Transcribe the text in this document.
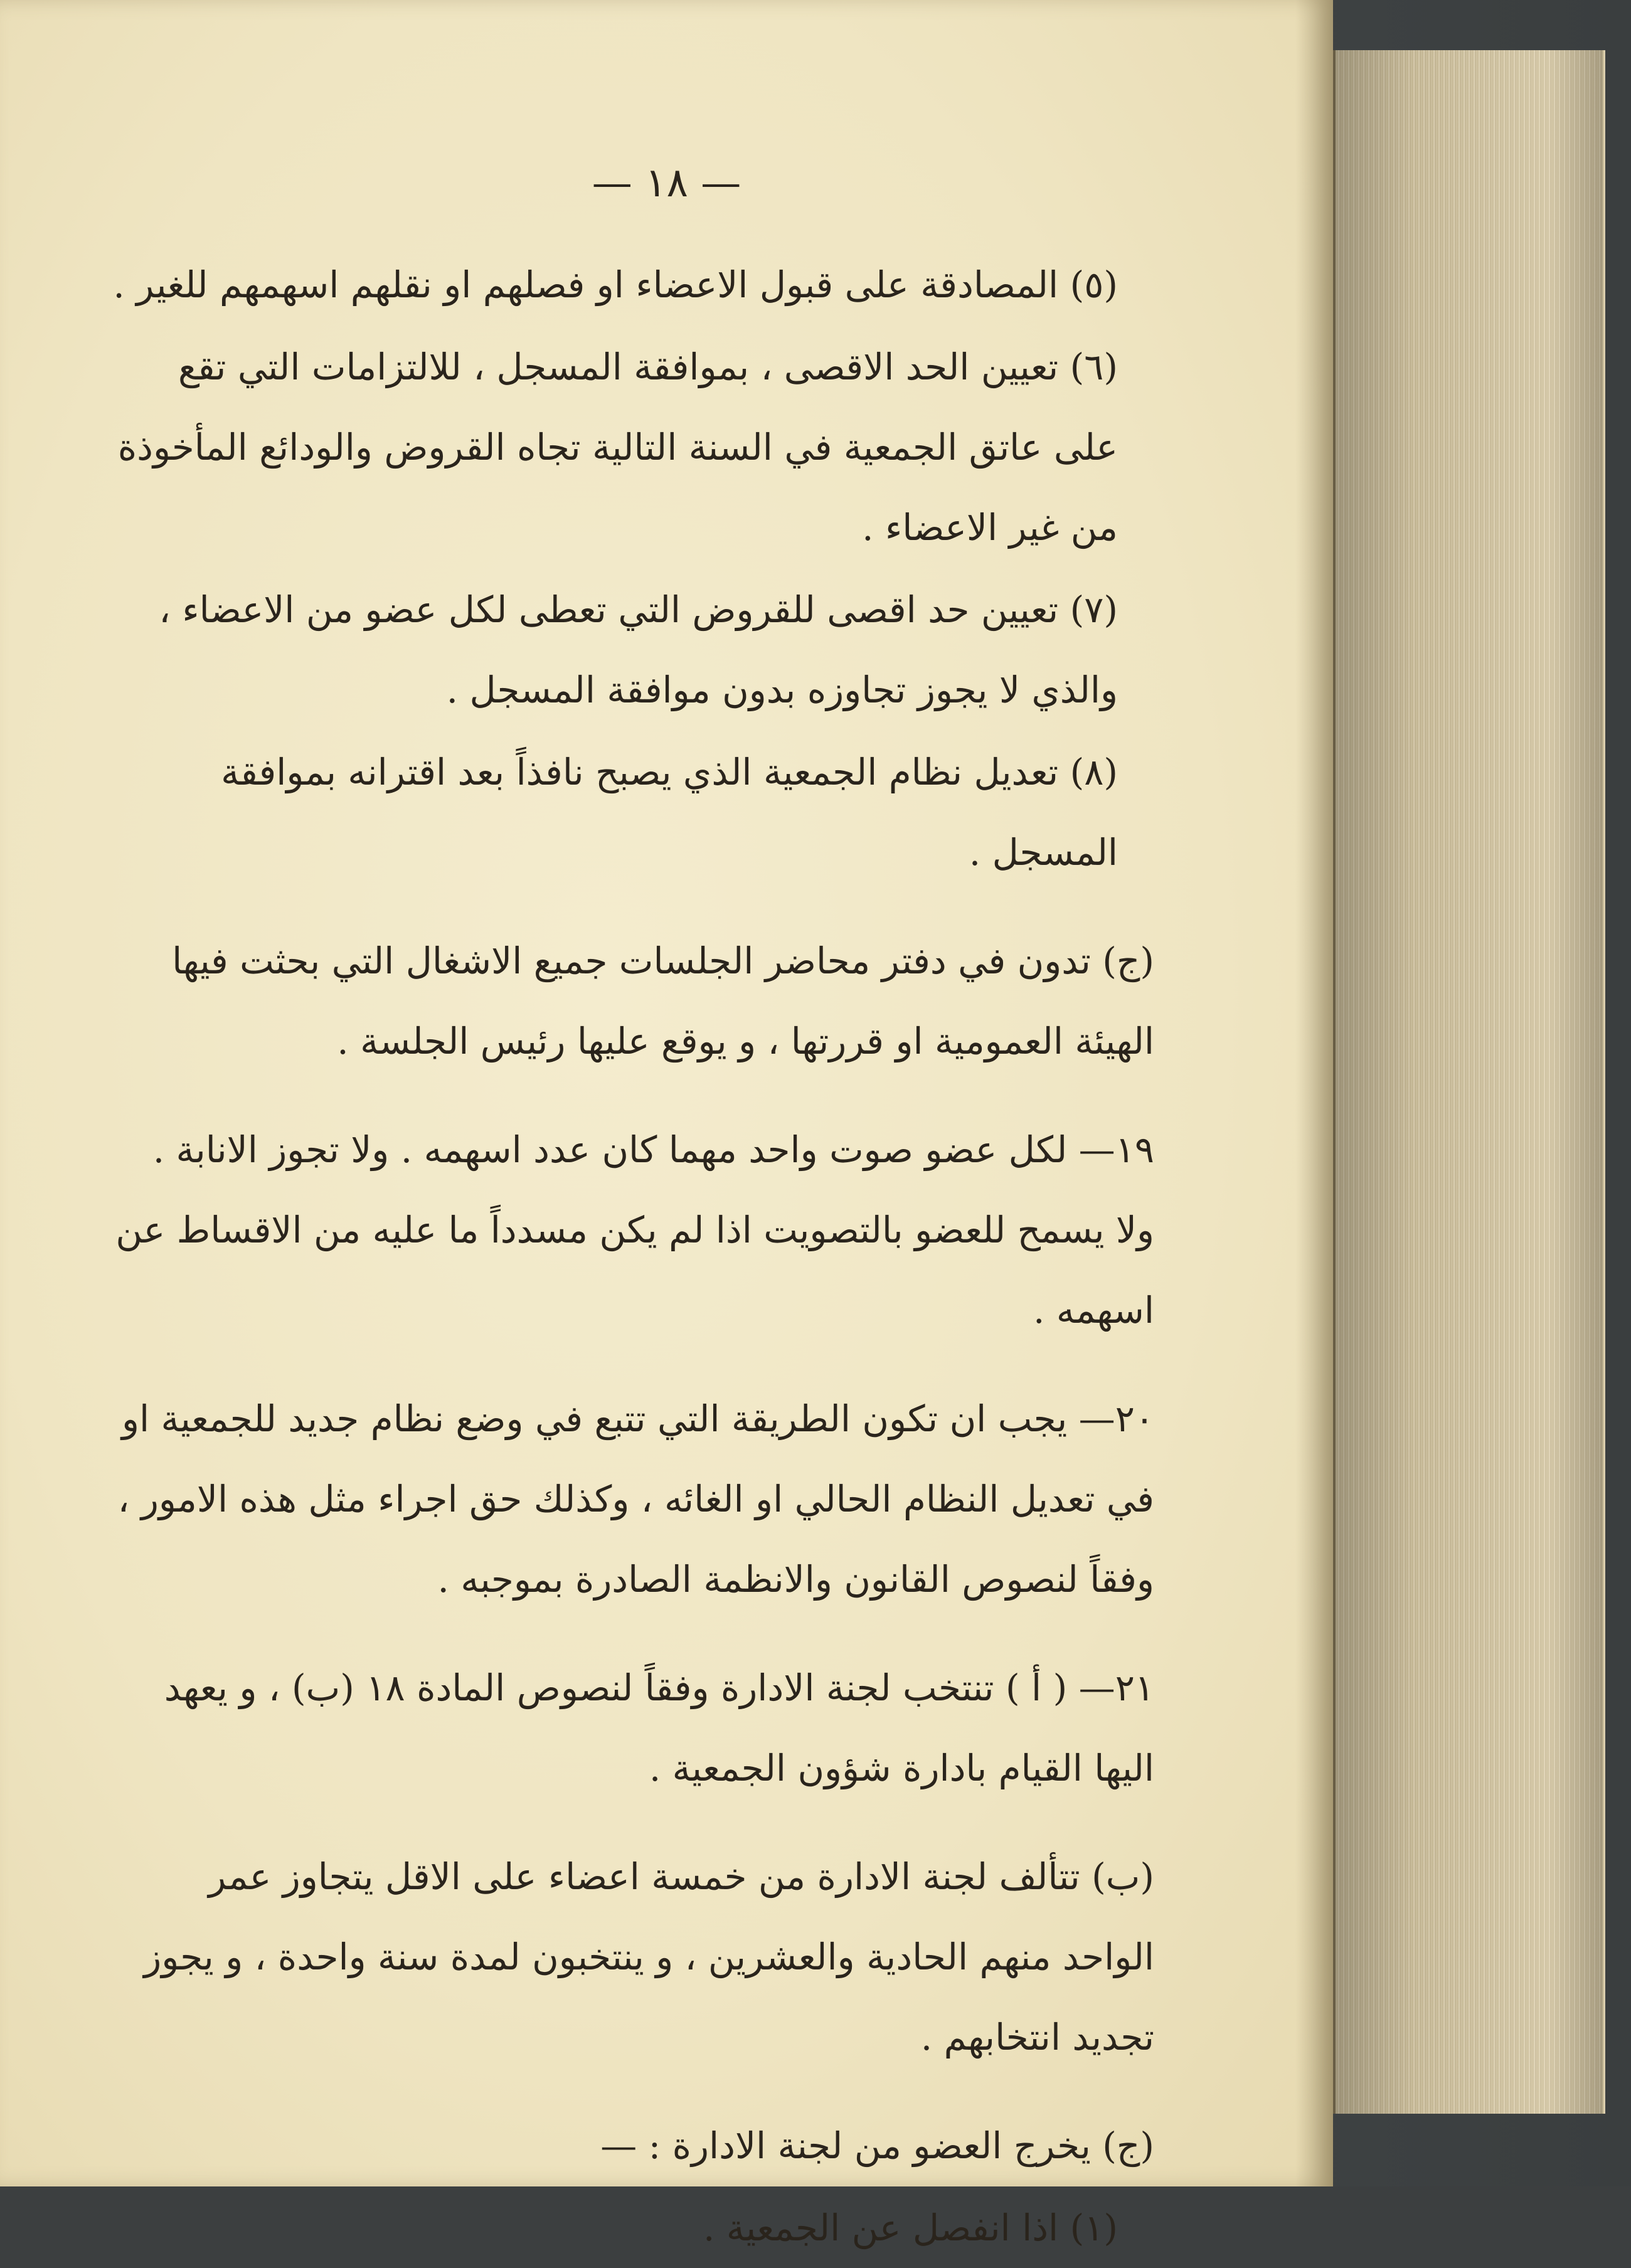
— ١٨ —

(٥) المصادقة على قبول الاعضاء او فصلهم او نقلهم اسهمهم للغير .

(٦) تعيين الحد الاقصى ، بموافقة المسجل ، للالتزامات التي تقع على عاتق الجمعية في السنة التالية تجاه القروض والودائع المأخوذة من غير الاعضاء .

(٧) تعيين حد اقصى للقروض التي تعطى لكل عضو من الاعضاء ، والذي لا يجوز تجاوزه بدون موافقة المسجل .

(٨) تعديل نظام الجمعية الذي يصبح نافذاً بعد اقترانه بموافقة المسجل .

(ج) تدون في دفتر محاضر الجلسات جميع الاشغال التي بحثت فيها الهيئة العمومية او قررتها ، و يوقع عليها رئيس الجلسة .

١٩— لكل عضو صوت واحد مهما كان عدد اسهمه . ولا تجوز الانابة . ولا يسمح للعضو بالتصويت اذا لم يكن مسدداً ما عليه من الاقساط عن اسهمه .

٢٠— يجب ان تكون الطريقة التي تتبع في وضع نظام جديد للجمعية او في تعديل النظام الحالي او الغائه ، وكذلك حق اجراء مثل هذه الامور ، وفقاً لنصوص القانون والانظمة الصادرة بموجبه .

٢١— ( أ ) تنتخب لجنة الادارة وفقاً لنصوص المادة ١٨ (ب) ، و يعهد اليها القيام بادارة شؤون الجمعية .

(ب) تتألف لجنة الادارة من خمسة اعضاء على الاقل يتجاوز عمر الواحد منهم الحادية والعشرين ، و ينتخبون لمدة سنة واحدة ، و يجوز تجديد انتخابهم .

(ج) يخرج العضو من لجنة الادارة : —

(١) اذا انفصل عن الجمعية .
